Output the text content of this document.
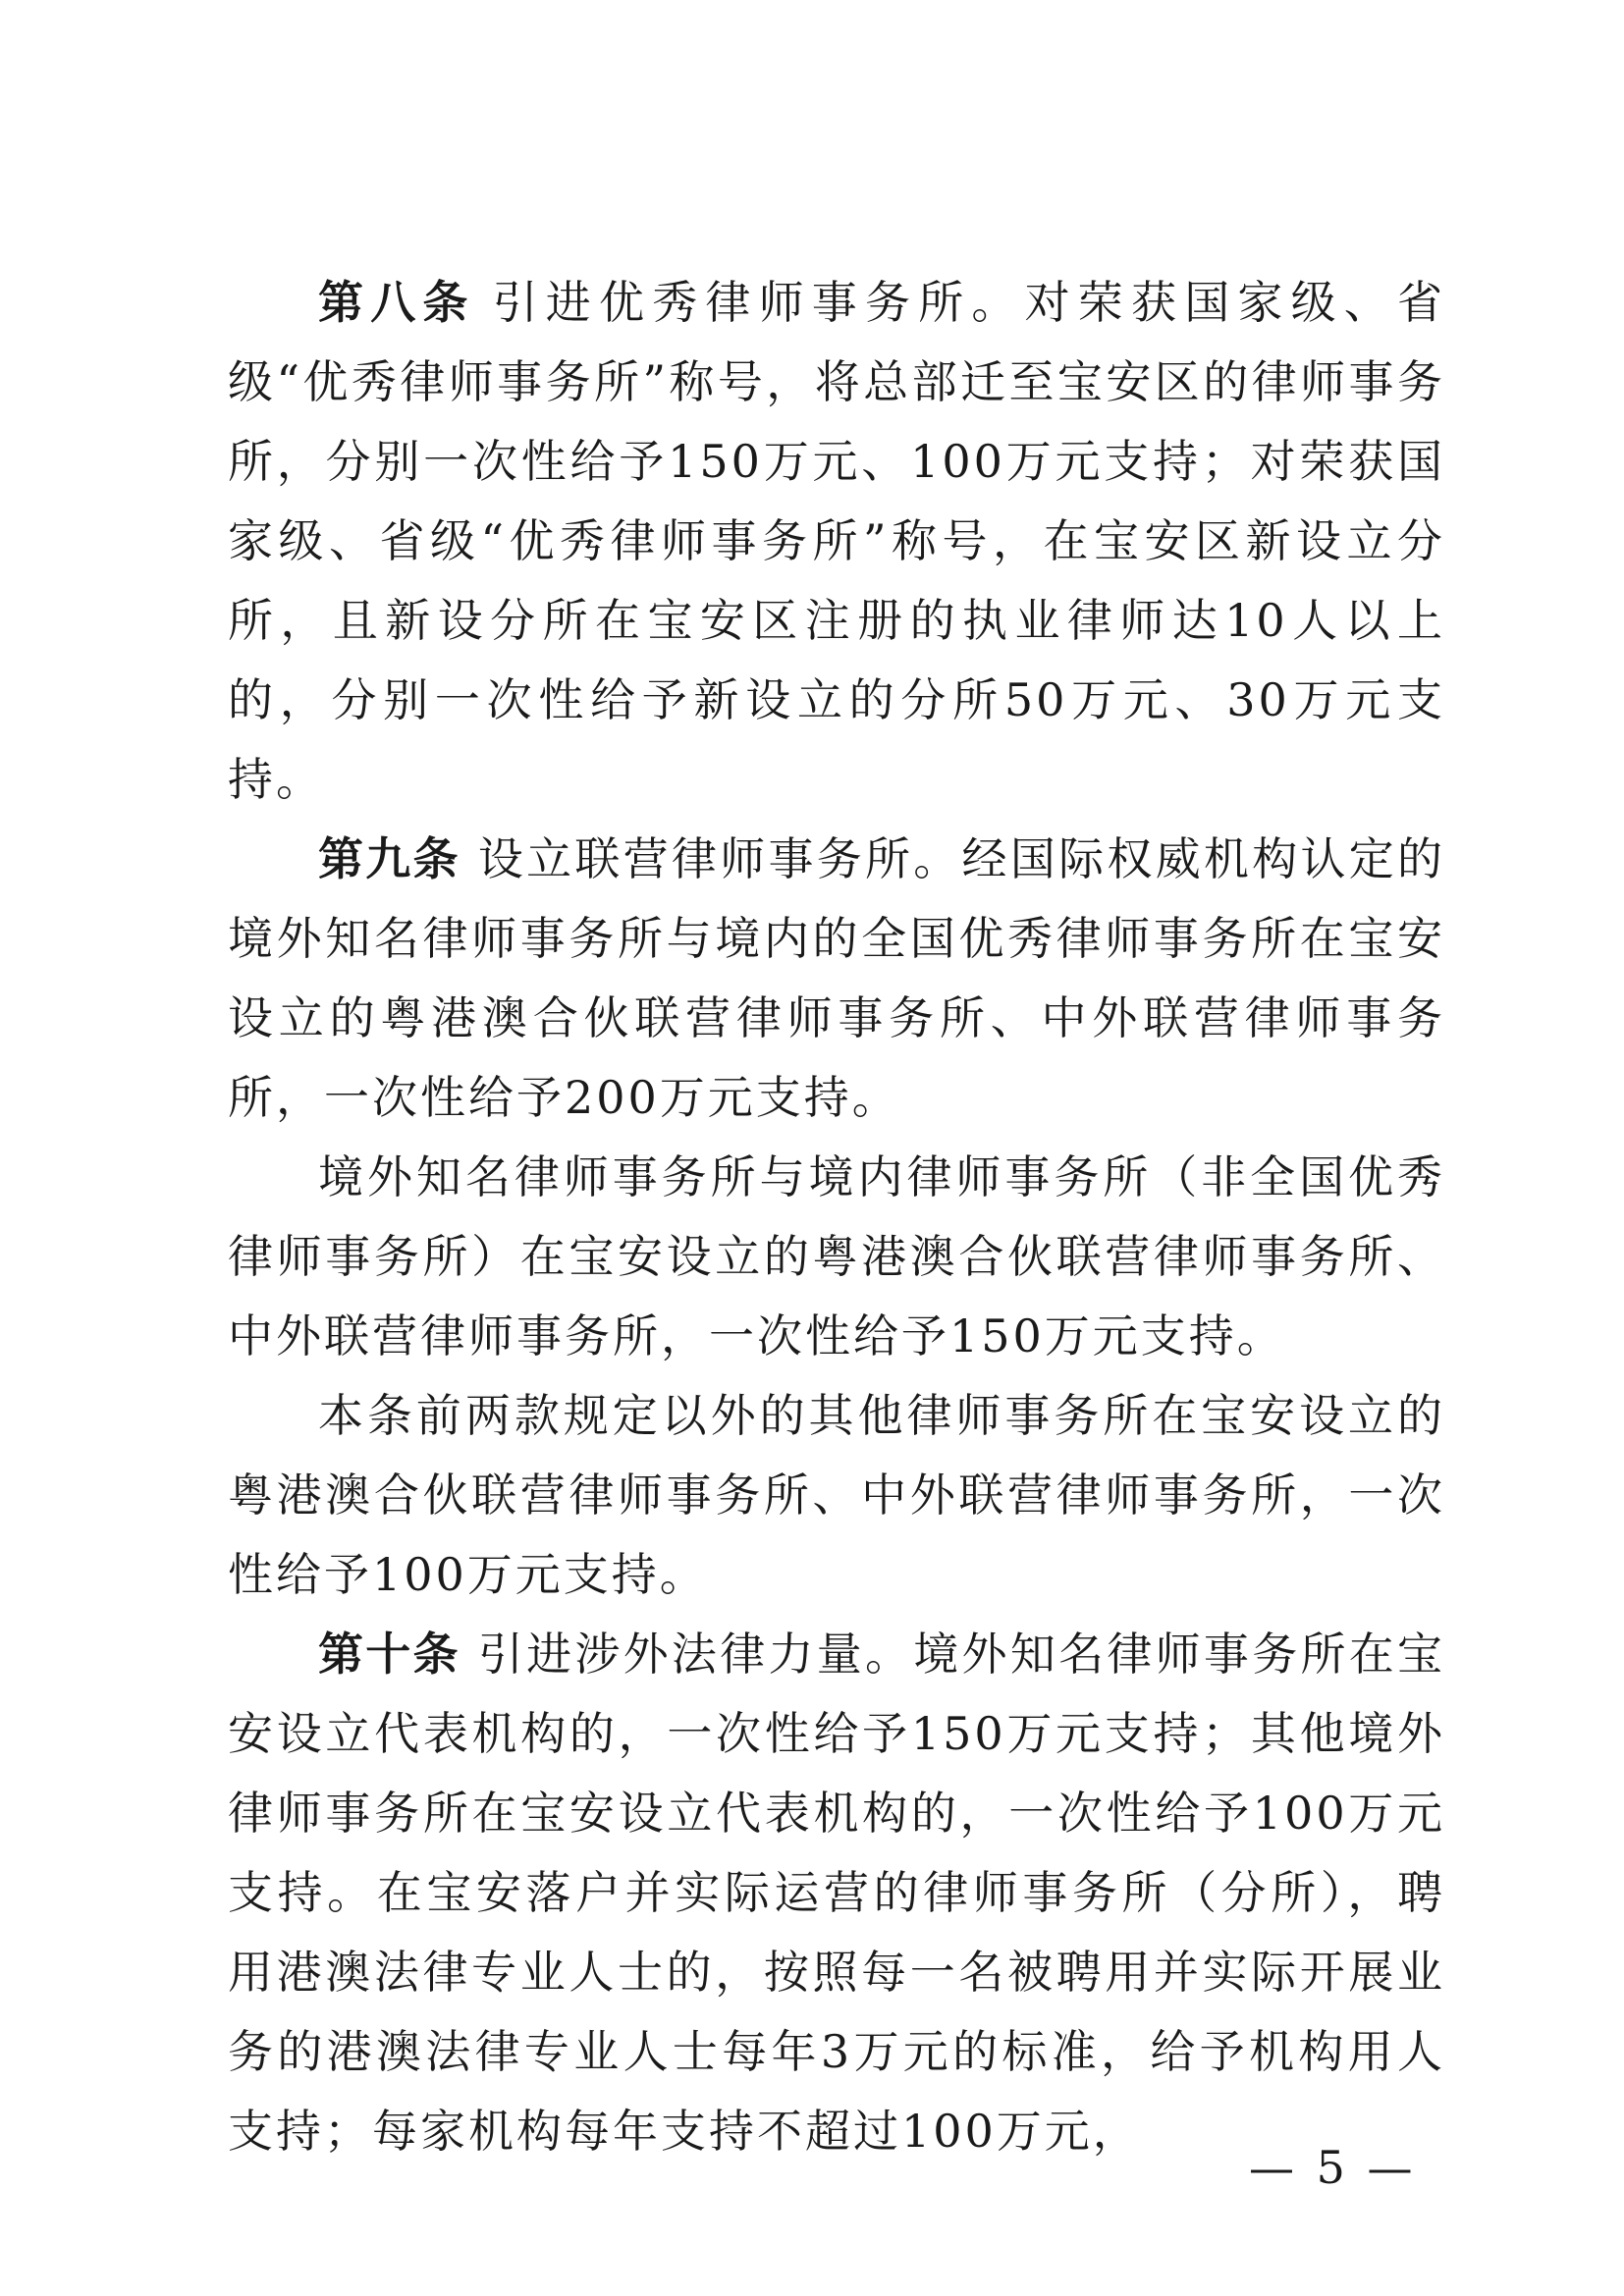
第八条 引进优秀律师事务所。对荣获国家级、省级“优秀律师事务所”称号，将总部迁至宝安区的律师事务所，分别一次性给予150万元、100万元支持；对荣获国家级、省级“优秀律师事务所”称号，在宝安区新设立分所，且新设分所在宝安区注册的执业律师达10人以上的，分别一次性给予新设立的分所50万元、30万元支持。

第九条 设立联营律师事务所。经国际权威机构认定的境外知名律师事务所与境内的全国优秀律师事务所在宝安设立的粤港澳合伙联营律师事务所、中外联营律师事务所，一次性给予200万元支持。

境外知名律师事务所与境内律师事务所（非全国优秀律师事务所）在宝安设立的粤港澳合伙联营律师事务所、中外联营律师事务所，一次性给予150万元支持。

本条前两款规定以外的其他律师事务所在宝安设立的粤港澳合伙联营律师事务所、中外联营律师事务所，一次性给予100万元支持。

第十条 引进涉外法律力量。境外知名律师事务所在宝安设立代表机构的，一次性给予150万元支持；其他境外律师事务所在宝安设立代表机构的，一次性给予100万元支持。在宝安落户并实际运营的律师事务所（分所），聘用港澳法律专业人士的，按照每一名被聘用并实际开展业务的港澳法律专业人士每年3万元的标准，给予机构用人支持；每家机构每年支持不超过100万元，

— 5 —
